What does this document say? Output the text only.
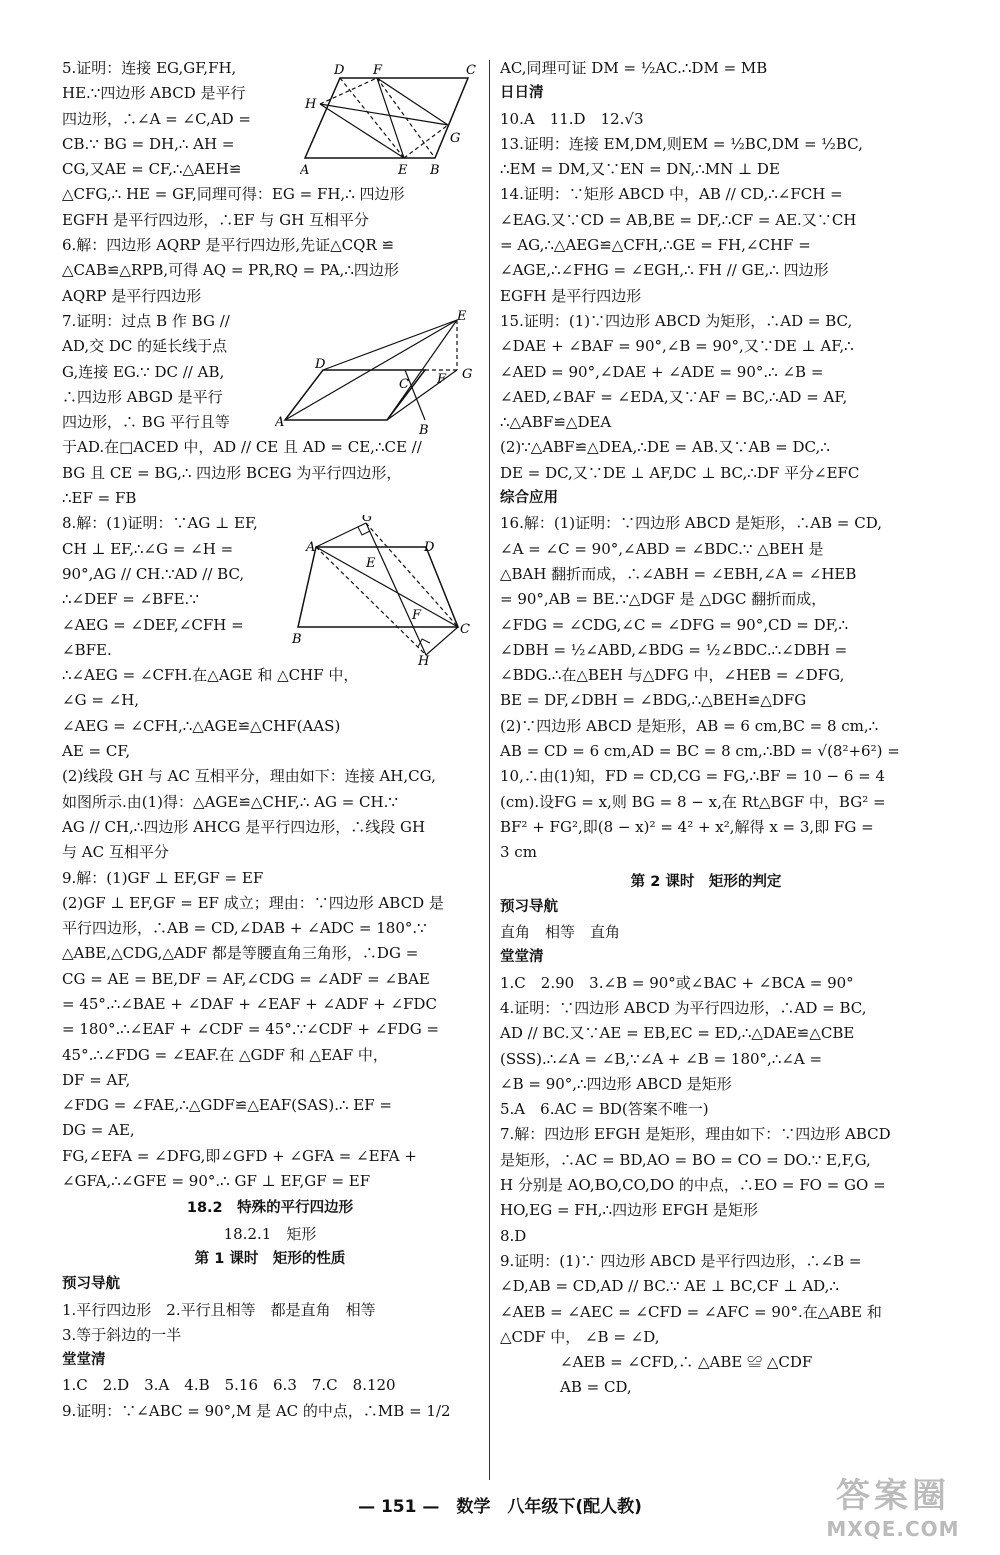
5.证明：连接 EG,GF,FH,
HE.∵四边形 ABCD 是平行
四边形，∴∠A = ∠C,AD =
CB.∵ BG = DH,∴ AH =
CG,又AE = CF,∴△AEH≌
△CFG,∴ HE = GF,同理可得：EG = FH,∴ 四边形
EGFH 是平行四边形，∴EF 与 GH 互相平分
6.解：四边形 AQRP 是平行四边形,先证△CQR ≌
△CAB≌△RPB,可得 AQ = PR,RQ = PA,∴四边形
AQRP 是平行四边形
7.证明：过点 B 作 BG //
AD,交 DC 的延长线于点
G,连接 EG.∵ DC // AB,
∴四边形 ABGD 是平行
四边形，∴ BG 平行且等
于AD.在□ACED 中，AD // CE 且 AD = CE,∴CE //
BG 且 CE = BG,∴ 四边形 BCEG 为平行四边形，
∴EF = FB
8.解：(1)证明：∵AG ⊥ EF,
CH ⊥ EF,∴∠G = ∠H =
90°,AG // CH.∵AD // BC,
∴∠DEF = ∠BFE.∵
∠AEG = ∠DEF,∠CFH =
∠BFE.
∴∠AEG = ∠CFH.在△AGE 和 △CHF 中，
∠G = ∠H,
∠AEG = ∠CFH,∴△AGE≌△CHF(AAS)
AE = CF,
(2)线段 GH 与 AC 互相平分，理由如下：连接 AH,CG,
如图所示.由(1)得：△AGE≌△CHF,∴ AG = CH.∵
AG // CH,∴四边形 AHCG 是平行四边形，∴线段 GH
与 AC 互相平分
9.解：(1)GF ⊥ EF,GF = EF
(2)GF ⊥ EF,GF = EF 成立；理由：∵四边形 ABCD 是
平行四边形，∴AB = CD,∠DAB + ∠ADC = 180°.∵
△ABE,△CDG,△ADF 都是等腰直角三角形，∴DG =
CG = AE = BE,DF = AF,∠CDG = ∠ADF = ∠BAE
= 45°.∴∠BAE + ∠DAF + ∠EAF + ∠ADF + ∠FDC
= 180°.∴∠EAF + ∠CDF = 45°.∵∠CDF + ∠FDG =
45°.∴∠FDG = ∠EAF.在 △GDF 和 △EAF 中，
DF = AF,
∠FDG = ∠FAE,∴△GDF≌△EAF(SAS).∴ EF =
DG = AE,
FG,∠EFA = ∠DFG,即∠GFD + ∠GFA = ∠EFA +
∠GFA,∴∠GFE = 90°.∴ GF ⊥ EF,GF = EF
18.2　特殊的平行四边形
18.2.1　矩形
第 1 课时　矩形的性质
预习导航
1.平行四边形　2.平行且相等　都是直角　相等
3.等于斜边的一半
堂堂清
1.C　2.D　3.A　4.B　5.16　6.3　7.C　8.120
9.证明：∵∠ABC = 90°,M 是 AC 的中点，∴MB = 1/2
AC,同理可证 DM = ½AC.∴DM = MB
日日清
10.A　11.D　12.√3
13.证明：连接 EM,DM,则EM = ½BC,DM = ½BC,
∴EM = DM,又∵EN = DN,∴MN ⊥ DE
14.证明：∵矩形 ABCD 中，AB // CD,∴∠FCH =
∠EAG.又∵CD = AB,BE = DF,∴CF = AE.又∵CH
= AG,∴△AEG≌△CFH,∴GE = FH,∠CHF =
∠AGE,∴∠FHG = ∠EGH,∴ FH // GE,∴ 四边形
EGFH 是平行四边形
15.证明：(1)∵四边形 ABCD 为矩形，∴AD = BC,
∠DAE + ∠BAF = 90°,∠B = 90°,又∵DE ⊥ AF,∴
∠AED = 90°,∠DAE + ∠ADE = 90°.∴ ∠B =
∠AED,∠BAF = ∠EDA,又∵AF = BC,∴AD = AF,
∴△ABF≌△DEA
(2)∵△ABF≌△DEA,∴DE = AB.又∵AB = DC,∴
DE = DC,又∵DE ⊥ AF,DC ⊥ BC,∴DF 平分∠EFC
综合应用
16.解：(1)证明：∵四边形 ABCD 是矩形，∴AB = CD,
∠A = ∠C = 90°,∠ABD = ∠BDC.∵ △BEH 是
△BAH 翻折而成，∴∠ABH = ∠EBH,∠A = ∠HEB
= 90°,AB = BE.∵△DGF 是 △DGC 翻折而成，
∠FDG = ∠CDG,∠C = ∠DFG = 90°,CD = DF,∴
∠DBH = ½∠ABD,∠BDG = ½∠BDC.∴∠DBH =
∠BDG.∴在△BEH 与△DFG 中，∠HEB = ∠DFG,
BE = DF,∠DBH = ∠BDG,∴△BEH≌△DFG
(2)∵四边形 ABCD 是矩形，AB = 6 cm,BC = 8 cm,∴
AB = CD = 6 cm,AD = BC = 8 cm,∴BD = √(8²+6²) =
10,∴由(1)知，FD = CD,CG = FG,∴BF = 10 − 6 = 4
(cm).设FG = x,则 BG = 8 − x,在 Rt△BGF 中，BG² =
BF² + FG²,即(8 − x)² = 4² + x²,解得 x = 3,即 FG =
3 cm
第 2 课时　矩形的判定
预习导航
直角　相等　直角
堂堂清
1.C　2.90　3.∠B = 90°或∠BAC + ∠BCA = 90°
4.证明：∵四边形 ABCD 为平行四边形，∴AD = BC,
AD // BC.又∵AE = EB,EC = ED,∴△DAE≌△CBE
(SSS).∴∠A = ∠B,∵∠A + ∠B = 180°,∴∠A =
∠B = 90°,∴四边形 ABCD 是矩形
5.A　6.AC = BD(答案不唯一)
7.解：四边形 EFGH 是矩形，理由如下：∵四边形 ABCD
是矩形，∴AC = BD,AO = BO = CO = DO.∵ E,F,G,
H 分别是 AO,BO,CO,DO 的中点，∴EO = FO = GO =
HO,EG = FH,∴四边形 EFGH 是矩形
8.D
9.证明：(1)∵ 四边形 ABCD 是平行四边形，∴∠B =
∠D,AB = CD,AD // BC.∵ AE ⊥ BC,CF ⊥ AD,∴
∠AEB = ∠AEC = ∠CFD = ∠AFC = 90°.在△ABE 和
△CDF 中， ∠B = ∠D,
　　　　∠AEB = ∠CFD,∴ △ABE ≌ △CDF
　　　　AB = CD,
D F	C
H
G
A	E B
E
D
C F G
A
B
G
A	D
E
F
B
C
H
— 151 —　数学　八年级下(配人教)	答案圈
MXQE.COM
